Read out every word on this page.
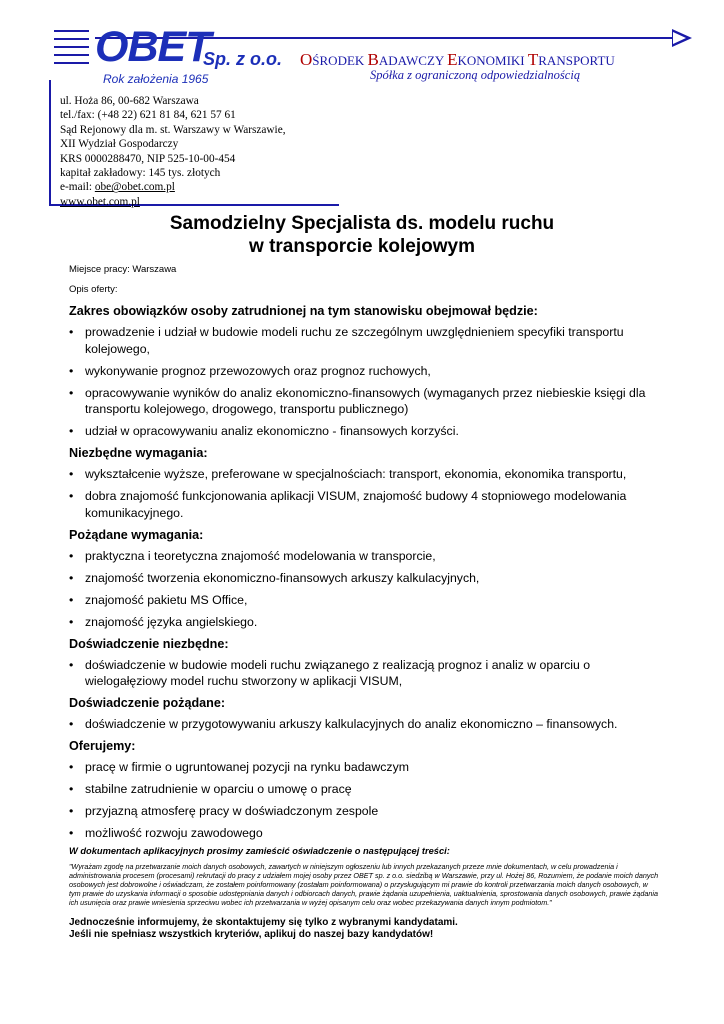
OBET
Sp. z o.o.
Rok założenia 1965
OŚRODEK BADAWCZY EKONOMIKI TRANSPORTU
Spółka z ograniczoną odpowiedzialnością
ul. Hoża 86, 00-682 Warszawa
tel./fax: (+48 22) 621 81 84, 621 57 61
Sąd Rejonowy dla m. st. Warszawy w Warszawie,
XII Wydział Gospodarczy
KRS 0000288470, NIP 525-10-00-454
kapitał zakładowy: 145 tys. złotych
e-mail: obe@obet.com.pl
www.obet.com.pl
Samodzielny Specjalista ds. modelu ruchu
w transporcie kolejowym
Miejsce pracy: Warszawa
Opis oferty:
Zakres obowiązków osoby zatrudnionej na tym stanowisku obejmował będzie:
• prowadzenie i udział w budowie modeli ruchu ze szczególnym uwzględnieniem specyfiki transportu kolejowego,
• wykonywanie prognoz przewozowych oraz prognoz ruchowych,
• opracowywanie wyników do analiz ekonomiczno-finansowych (wymaganych przez niebieskie księgi dla transportu kolejowego, drogowego, transportu publicznego)
• udział w opracowywaniu analiz ekonomiczno - finansowych korzyści.
Niezbędne wymagania:
• wykształcenie wyższe, preferowane w specjalnościach: transport, ekonomia, ekonomika transportu,
• dobra znajomość funkcjonowania aplikacji VISUM, znajomość budowy 4 stopniowego modelowania komunikacyjnego.
Pożądane wymagania:
• praktyczna i teoretyczna znajomość modelowania w transporcie,
• znajomość tworzenia ekonomiczno-finansowych arkuszy kalkulacyjnych,
• znajomość pakietu MS Office,
• znajomość języka angielskiego.
Doświadczenie niezbędne:
• doświadczenie w budowie modeli ruchu związanego z realizacją prognoz i analiz w oparciu o wielogałęziowy model ruchu stworzony w aplikacji VISUM,
Doświadczenie pożądane:
• doświadczenie w przygotowywaniu arkuszy kalkulacyjnych do analiz ekonomiczno – finansowych.
Oferujemy:
• pracę w firmie o ugruntowanej pozycji na rynku badawczym
• stabilne zatrudnienie w oparciu o umowę o pracę
• przyjazną atmosferę pracy w doświadczonym zespole
• możliwość rozwoju zawodowego
W dokumentach aplikacyjnych prosimy zamieścić oświadczenie o następującej treści:
"Wyrażam zgodę na przetwarzanie moich danych osobowych, zawartych w niniejszym ogłoszeniu lub innych przekazanych przeze mnie dokumentach, w celu prowadzenia i administrowania procesem (procesami) rekrutacji do pracy z udziałem mojej osoby przez OBET sp. z o.o. siedzibą w Warszawie, przy ul. Hożej 86, Rozumiem, że podanie moich danych osobowych jest dobrowolne i oświadczam, że zostałem poinformowany (zostałam poinformowana) o przysługującym mi prawie do kontroli przetwarzania moich danych osobowych, w tym prawie do uzyskania informacji o sposobie udostępniania danych i odbiorcach danych, prawie żądania uzupełnienia, uaktualnienia, sprostowania danych osobowych, prawie żądania ich usunięcia oraz prawie wniesienia sprzeciwu wobec ich przetwarzania w wyżej opisanym celu oraz wobec przekazywania danych innym podmiotom."
Jednocześnie informujemy, że skontaktujemy się tylko z wybranymi kandydatami.
Jeśli nie spełniasz wszystkich kryteriów, aplikuj do naszej bazy kandydatów!
